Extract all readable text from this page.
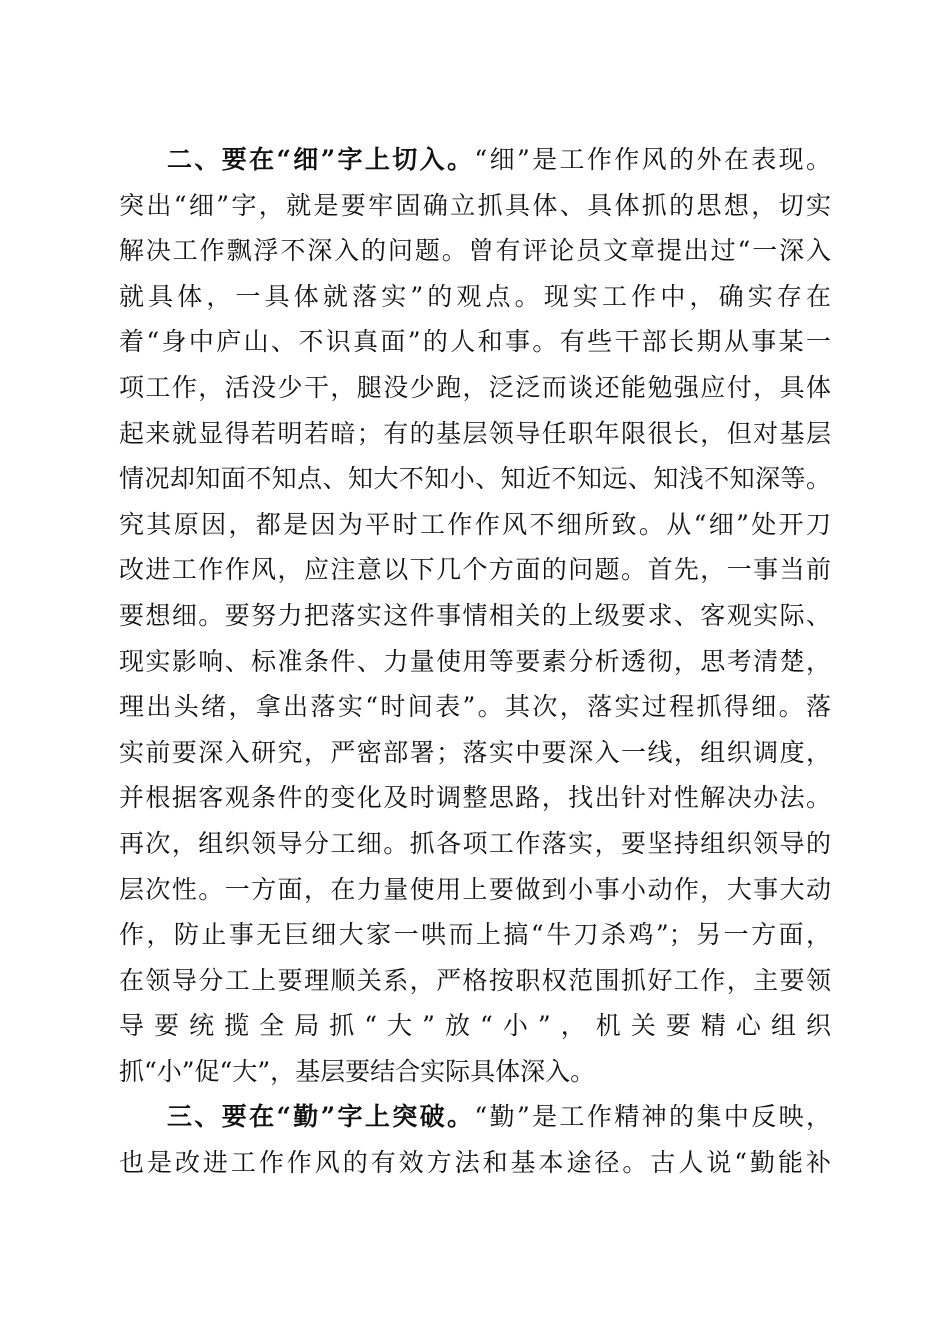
二、要在“细”字上切入。“细”是工作作风的外在表现。
突出“细”字，就是要牢固确立抓具体、具体抓的思想，切实
解决工作飘浮不深入的问题。曾有评论员文章提出过“一深入
就具体，一具体就落实”的观点。现实工作中，确实存在
着“身中庐山、不识真面”的人和事。有些干部长期从事某一
项工作，活没少干，腿没少跑，泛泛而谈还能勉强应付，具体
起来就显得若明若暗；有的基层领导任职年限很长，但对基层
情况却知面不知点、知大不知小、知近不知远、知浅不知深等。
究其原因，都是因为平时工作作风不细所致。从“细”处开刀
改进工作作风，应注意以下几个方面的问题。首先，一事当前
要想细。要努力把落实这件事情相关的上级要求、客观实际、
现实影响、标准条件、力量使用等要素分析透彻，思考清楚，
理出头绪，拿出落实“时间表”。其次，落实过程抓得细。落
实前要深入研究，严密部署；落实中要深入一线，组织调度，
并根据客观条件的变化及时调整思路，找出针对性解决办法。
再次，组织领导分工细。抓各项工作落实，要坚持组织领导的
层次性。一方面，在力量使用上要做到小事小动作，大事大动
作，防止事无巨细大家一哄而上搞“牛刀杀鸡”；另一方面，
在领导分工上要理顺关系，严格按职权范围抓好工作，主要领
导要统揽全局抓“大”放“小”，机关要精心组织
抓“小”促“大”，基层要结合实际具体深入。
三、要在“勤”字上突破。“勤”是工作精神的集中反映，
也是改进工作作风的有效方法和基本途径。古人说“勤能补
